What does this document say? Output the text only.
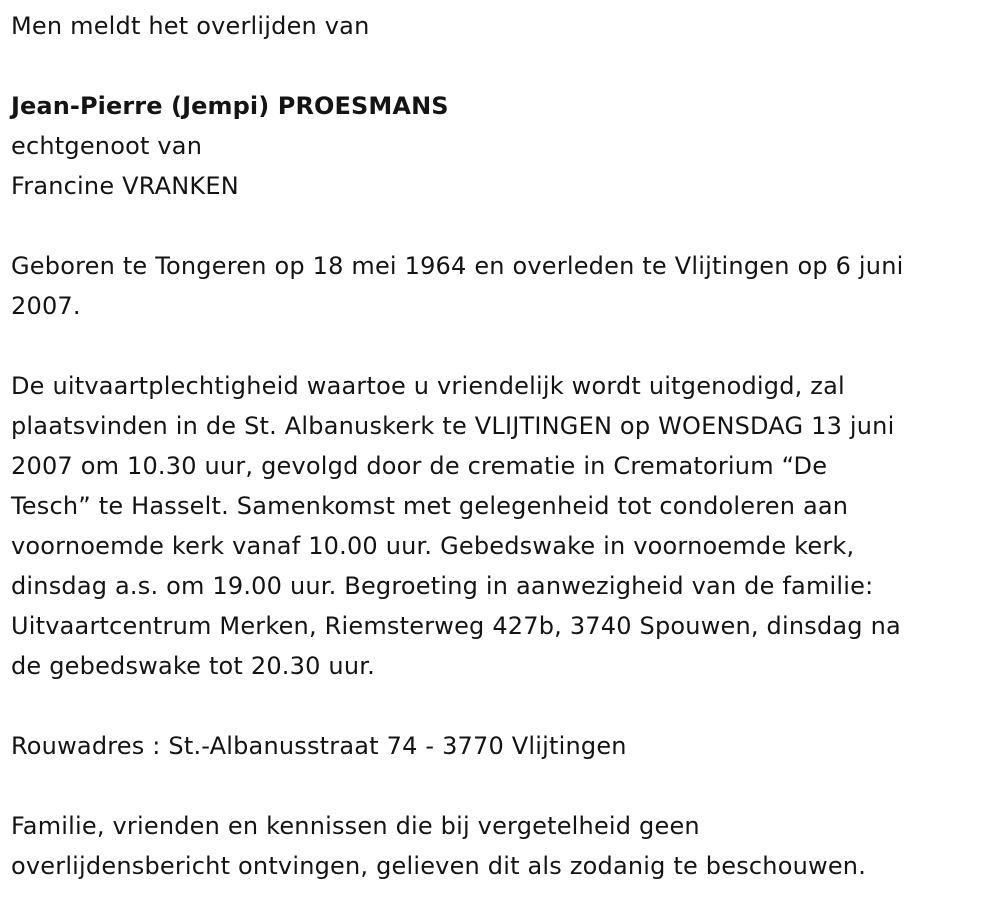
Men meldt het overlijden van

Jean-Pierre (Jempi) PROESMANS

echtgenoot van

Francine VRANKEN

Geboren te Tongeren op 18 mei 1964 en overleden te Vlijtingen op 6 juni

2007.

De uitvaartplechtigheid waartoe u vriendelijk wordt uitgenodigd, zal

plaatsvinden in de St. Albanuskerk te VLIJTINGEN op WOENSDAG 13 juni

2007 om 10.30 uur, gevolgd door de crematie in Crematorium “De

Tesch” te Hasselt. Samenkomst met gelegenheid tot condoleren aan

voornoemde kerk vanaf 10.00 uur. Gebedswake in voornoemde kerk,

dinsdag a.s. om 19.00 uur. Begroeting in aanwezigheid van de familie:

Uitvaartcentrum Merken, Riemsterweg 427b, 3740 Spouwen, dinsdag na

de gebedswake tot 20.30 uur.

Rouwadres : St.-Albanusstraat 74 - 3770 Vlijtingen

Familie, vrienden en kennissen die bij vergetelheid geen

overlijdensbericht ontvingen, gelieven dit als zodanig te beschouwen.
